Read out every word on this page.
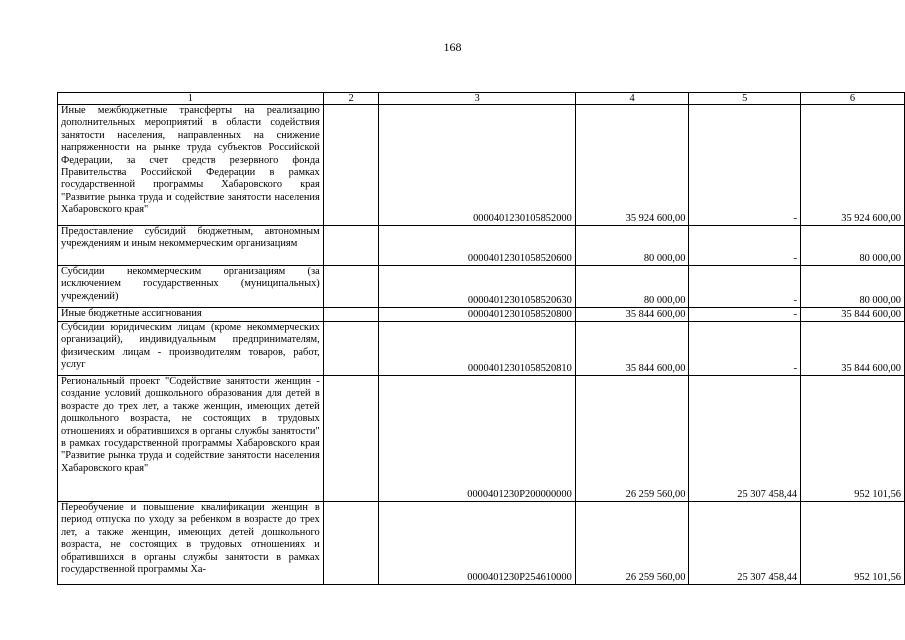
168
1	2	3	4	5	6
Иные межбюджетные трансферты на реализацию дополнительных мероприятий в области содействия занятости населения, направленных на снижение напряженности на рынке труда субъектов Российской Федерации, за счет средств резервного фонда Правительства Российской Федерации в рамках государственной программы Хабаровского края "Развитие рынка труда и содействие занятости населения Хабаровского края"		0000401230105852000	35 924 600,00	-	35 924 600,00
Предоставление субсидий бюджетным, автономным учреждениям и иным некоммерческим организациям		00004012301058520600	80 000,00	-	80 000,00
Субсидии некоммерческим организациям (за исключением государственных (муниципальных) учреждений)		00004012301058520630	80 000,00	-	80 000,00
Иные бюджетные ассигнования		00004012301058520800	35 844 600,00	-	35 844 600,00
Субсидии юридическим лицам (кроме некоммерческих организаций), индивидуальным предпринимателям, физическим лицам - производителям товаров, работ, услуг		00004012301058520810	35 844 600,00	-	35 844 600,00
Региональный проект "Содействие занятости женщин - создание условий дошкольного образования для детей в возрасте до трех лет, а также женщин, имеющих детей дошкольного возраста, не состоящих в трудовых отношениях и обратившихся в органы службы занятости" в рамках государственной программы Хабаровского края "Развитие рынка труда и содействие занятости населения Хабаровского края"		0000401230P200000000	26 259 560,00	25 307 458,44	952 101,56
Переобучение и повышение квалификации женщин в период отпуска по уходу за ребенком в возрасте до трех лет, а также женщин, имеющих детей дошкольного возраста, не состоящих в трудовых отношениях и обратившихся в органы службы занятости в рамках государственной программы Ха-		0000401230P254610000	26 259 560,00	25 307 458,44	952 101,56
